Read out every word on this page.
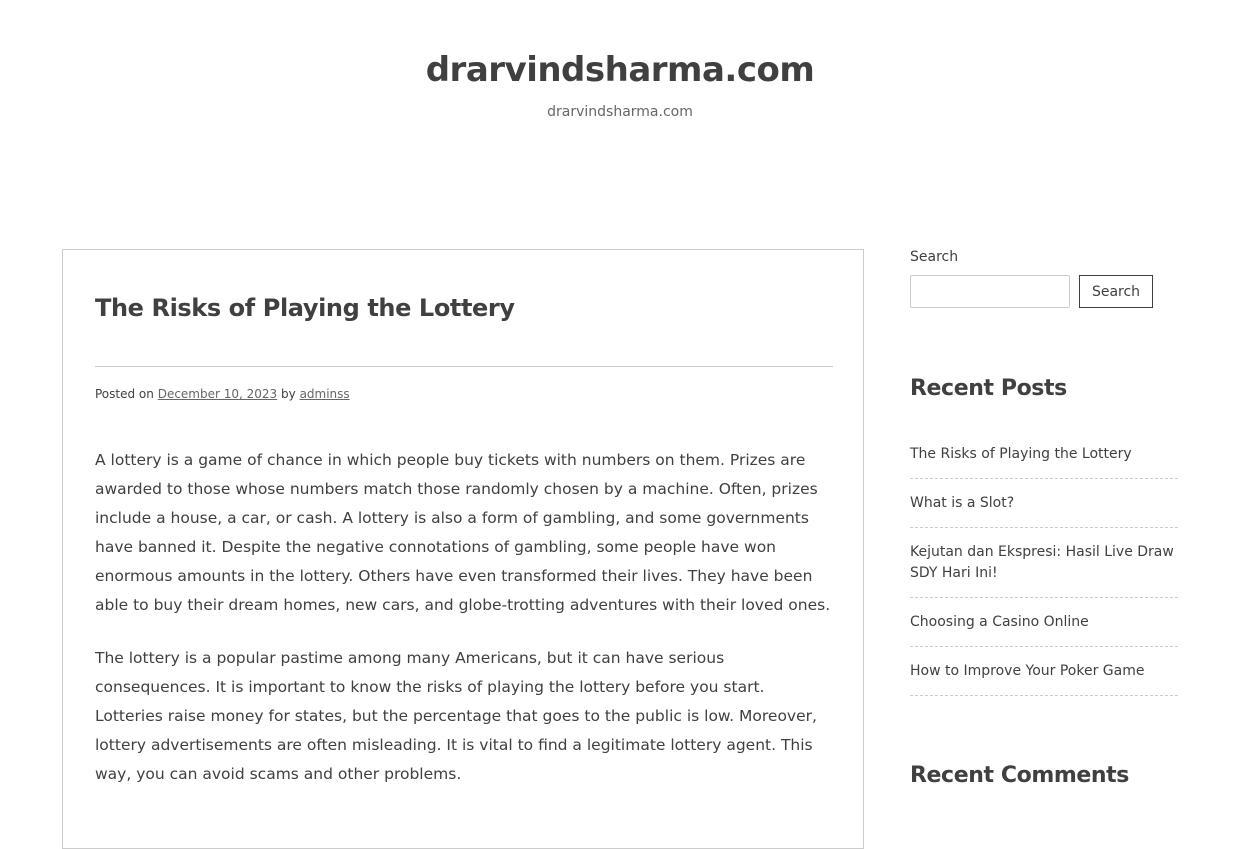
drarvindsharma.com
drarvindsharma.com
The Risks of Playing the Lottery
Posted on December 10, 2023 by adminss

A lottery is a game of chance in which people buy tickets with numbers on them. Prizes are awarded to those whose numbers match those randomly chosen by a machine. Often, prizes include a house, a car, or cash. A lottery is also a form of gambling, and some governments have banned it. Despite the negative connotations of gambling, some people have won enormous amounts in the lottery. Others have even transformed their lives. They have been able to buy their dream homes, new cars, and globe-trotting adventures with their loved ones.

The lottery is a popular pastime among many Americans, but it can have serious consequences. It is important to know the risks of playing the lottery before you start. Lotteries raise money for states, but the percentage that goes to the public is low. Moreover, lottery advertisements are often misleading. It is vital to find a legitimate lottery agent. This way, you can avoid scams and other problems.

Search
Search
Recent Posts
The Risks of Playing the Lottery
What is a Slot?
Kejutan dan Ekspresi: Hasil Live Draw SDY Hari Ini!
Choosing a Casino Online
How to Improve Your Poker Game
Recent Comments
